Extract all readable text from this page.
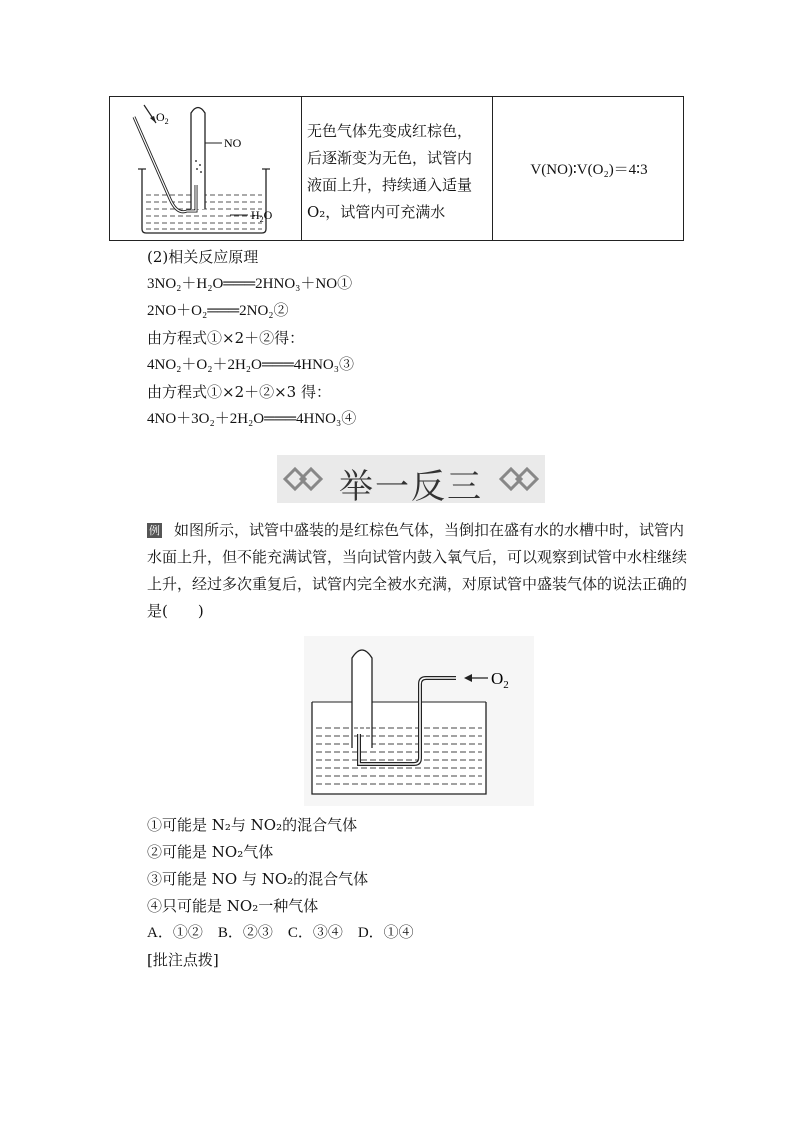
$O_2$
NO
$H_2O$
无色气体先变成红棕色，
后逐渐变为无色，试管内
液面上升，持续通入适量
O₂，试管内可充满水
V(NO)∶V(O₂)＝4∶3
(2)相关反应原理
3NO₂＋H₂O═══2HNO₃＋NO①
2NO＋O₂═══2NO₂②
由方程式①×2＋②得：
4NO₂＋O₂＋2H₂O═══4HNO₃③
由方程式①×2＋②×3 得：
4NO＋3O₂＋2H₂O═══4HNO₃④
举一反三
例 如图所示，试管中盛装的是红棕色气体，当倒扣在盛有水的水槽中时，试管内水面上升，但不能充满试管，当向试管内鼓入氧气后，可以观察到试管中水柱继续上升，经过多次重复后，试管内完全被水充满，对原试管中盛装气体的说法正确的是(　　)
$O_2$
①可能是 N₂与 NO₂的混合气体
②可能是 NO₂气体
③可能是 NO 与 NO₂的混合气体
④只可能是 NO₂一种气体
A．①②　B．②③　C．③④　D．①④
[批注点拨]
